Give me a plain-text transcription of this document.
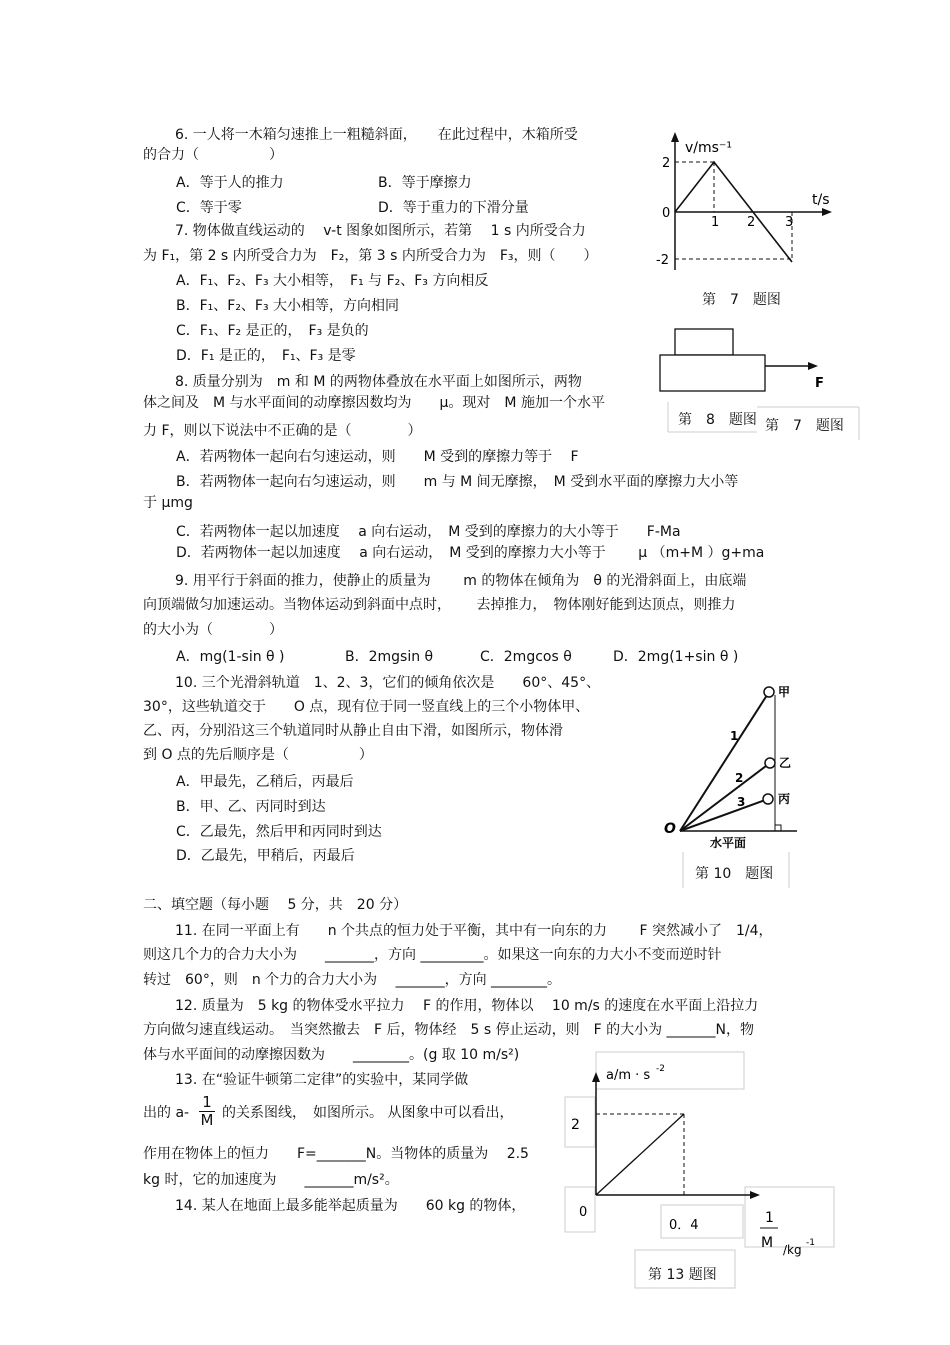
6. 一人将一木箱匀速推上一粗糙斜面，　　在此过程中，木箱所受
的合力（　　　　　）
A．等于人的推力	B．等于摩擦力
C．等于零	D．等于重力的下滑分量
7. 物体做直线运动的　 v-t 图象如图所示，若第　 1 s 内所受合力
为 F₁，第 2 s 内所受合力为　F₂，第 3 s 内所受合力为　F₃，则（　　）
A．F₁、F₂、F₃ 大小相等，　F₁ 与 F₂、F₃ 方向相反
B．F₁、F₂、F₃ 大小相等，方向相同
C．F₁、F₂ 是正的，　F₃ 是负的
D．F₁ 是正的，　F₁、F₃ 是零
8. 质量分别为　m 和 M 的两物体叠放在水平面上如图所示，两物
体之间及　M 与水平面间的动摩擦因数均为　　μ。现对　M 施加一个水平
力 F，则以下说法中不正确的是（　　　　）
A．若两物体一起向右匀速运动，则　　M 受到的摩擦力等于　 F
B．若两物体一起向右匀速运动，则　　m 与 M 间无摩擦，　M 受到水平面的摩擦力大小等
于 μmg
C．若两物体一起以加速度　 a 向右运动，　M 受到的摩擦力的大小等于　　F-Ma
D．若两物体一起以加速度　 a 向右运动，　M 受到的摩擦力大小等于　　 μ （m+M ）g+ma
9. 用平行于斜面的推力，使静止的质量为　　 m 的物体在倾角为　θ 的光滑斜面上，由底端
向顶端做匀加速运动。当物体运动到斜面中点时，　　 去掉推力，　物体刚好能到达顶点，则推力
的大小为（　　　　）
A．mg(1-sin θ )	B．2mgsin θ	C．2mgcos θ	D．2mg(1+sin θ )
10. 三个光滑斜轨道　1、2、3，它们的倾角依次是　　60°、45°、
30°，这些轨道交于　　O 点，现有位于同一竖直线上的三个小物体甲、
乙、丙，分别沿这三个轨道同时从静止自由下滑，如图所示，物体滑
到 O 点的先后顺序是（　　　　　）
A．甲最先，乙稍后，丙最后
B．甲、乙、丙同时到达
C．乙最先，然后甲和丙同时到达
D．乙最先，甲稍后，丙最后
二、填空题（每小题　 5 分，共　20 分）
11. 在同一平面上有　　n 个共点的恒力处于平衡，其中有一向东的力　　 F 突然减小了　1/4，
则这几个力的合力大小为　　_______，方向 _________。如果这一向东的力大小不变而逆时针
转过　60°，则　n 个力的合力大小为　 _______，方向 ________。
12. 质量为　5 kg 的物体受水平拉力　 F 的作用，物体以　 10 m/s 的速度在水平面上沿拉力
方向做匀速直线运动。　当突然撤去　F 后，物体经　5 s 停止运动，则　F 的大小为 _______N，物
体与水平面间的动摩擦因数为　　________。(g 取 10 m/s²)
13. 在“验证牛顿第二定律”的实验中，某同学做
出的 $a- \frac{1}{M}$ 的关系图线，　如图所示。 从图象中可以看出，
作用在物体上的恒力　　F=_______N。当物体的质量为　 2.5
kg 时，它的加速度为　　_______m/s²。
14. 某人在地面上最多能举起质量为　　60 kg 的物体，
v/ms⁻¹
t/s
2
0
-2
1 2 3
F
甲
乙
丙
1
2
3
O
水平面
a/m · s -2
2
0
0．4	1
M /kg -1
第　7　题图
第　8　题图 第　7　题图
第 10　题图
第 13 题图
